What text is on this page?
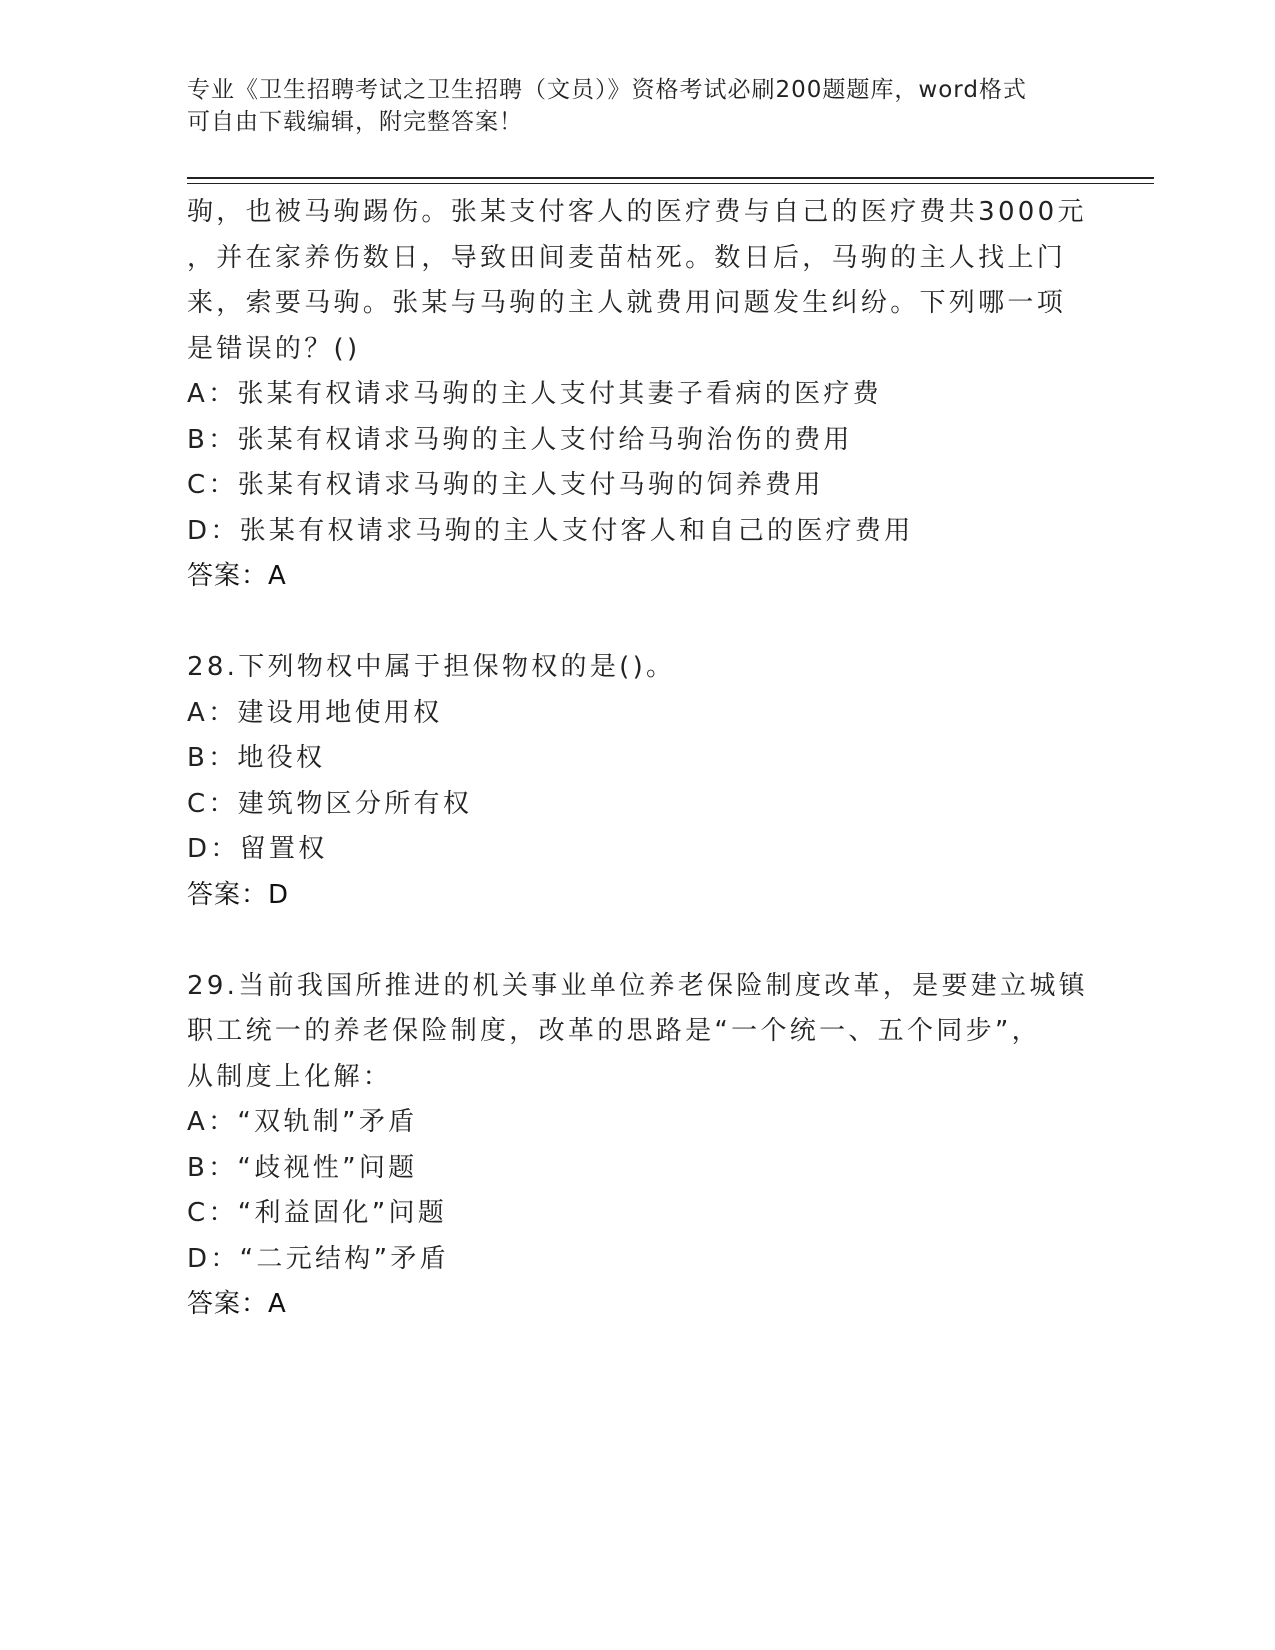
专业《卫生招聘考试之卫生招聘（文员）》资格考试必刷200题题库，word格式
可自由下载编辑，附完整答案！
驹，也被马驹踢伤。张某支付客人的医疗费与自己的医疗费共3000元
，并在家养伤数日，导致田间麦苗枯死。数日后，马驹的主人找上门
来，索要马驹。张某与马驹的主人就费用问题发生纠纷。下列哪一项
是错误的？()
A：张某有权请求马驹的主人支付其妻子看病的医疗费
B：张某有权请求马驹的主人支付给马驹治伤的费用
C：张某有权请求马驹的主人支付马驹的饲养费用
D：张某有权请求马驹的主人支付客人和自己的医疗费用
答案：A
28.下列物权中属于担保物权的是()。
A：建设用地使用权
B：地役权
C：建筑物区分所有权
D：留置权
答案：D
29.当前我国所推进的机关事业单位养老保险制度改革，是要建立城镇
职工统一的养老保险制度，改革的思路是“一个统一、五个同步”，
从制度上化解：
A：“双轨制”矛盾
B：“歧视性”问题
C：“利益固化”问题
D：“二元结构”矛盾
答案：A
